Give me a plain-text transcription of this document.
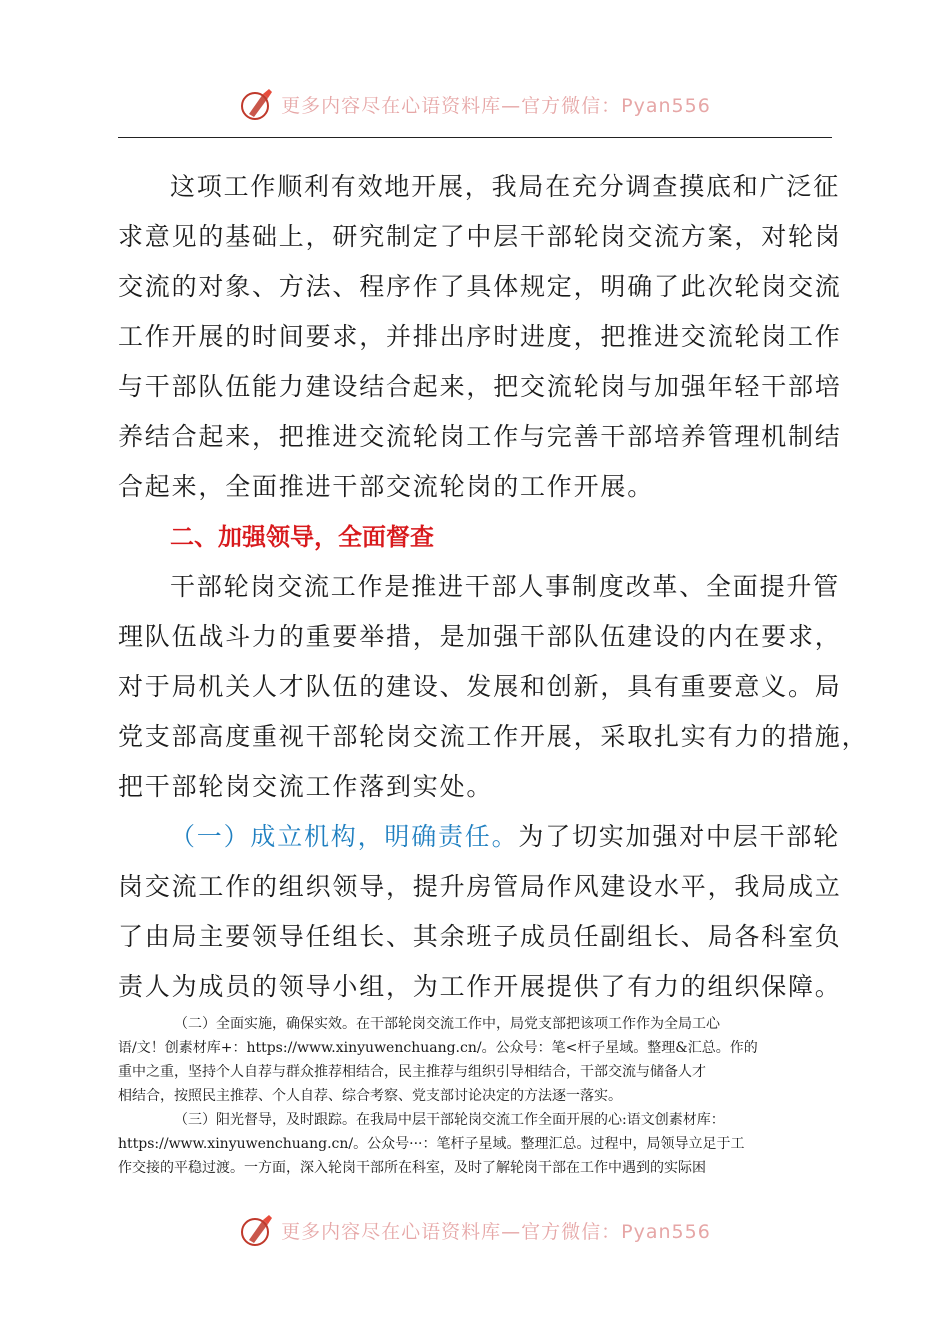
更多内容尽在心语资料库—官方微信：Pyan556
这项工作顺利有效地开展，我局在充分调查摸底和广泛征
求意见的基础上，研究制定了中层干部轮岗交流方案，对轮岗
交流的对象、方法、程序作了具体规定，明确了此次轮岗交流
工作开展的时间要求，并排出序时进度，把推进交流轮岗工作
与干部队伍能力建设结合起来，把交流轮岗与加强年轻干部培
养结合起来，把推进交流轮岗工作与完善干部培养管理机制结
合起来，全面推进干部交流轮岗的工作开展。
二、加强领导，全面督查
干部轮岗交流工作是推进干部人事制度改革、全面提升管
理队伍战斗力的重要举措，是加强干部队伍建设的内在要求，
对于局机关人才队伍的建设、发展和创新，具有重要意义。局
党支部高度重视干部轮岗交流工作开展，采取扎实有力的措施，
把干部轮岗交流工作落到实处。
（一）成立机构，明确责任。为了切实加强对中层干部轮
岗交流工作的组织领导，提升房管局作风建设水平，我局成立
了由局主要领导任组长、其余班子成员任副组长、局各科室负
责人为成员的领导小组，为工作开展提供了有力的组织保障。
（二）全面实施，确保实效。在干部轮岗交流工作中，局党支部把该项工作作为全局工心
语/文！创素材库+：https://www.xinyuwenchuang.cn/。公众号：笔<杆子星域。整理&汇总。作的
重中之重，坚持个人自荐与群众推荐相结合，民主推荐与组织引导相结合，干部交流与储备人才
相结合，按照民主推荐、个人自荐、综合考察、党支部讨论决定的方法逐一落实。
（三）阳光督导，及时跟踪。在我局中层干部轮岗交流工作全面开展的心:语文创素材库：
https://www.xinyuwenchuang.cn/。公众号···：笔杆子星域。整理汇总。过程中，局领导立足于工
作交接的平稳过渡。一方面，深入轮岗干部所在科室，及时了解轮岗干部在工作中遇到的实际困
更多内容尽在心语资料库—官方微信：Pyan556
